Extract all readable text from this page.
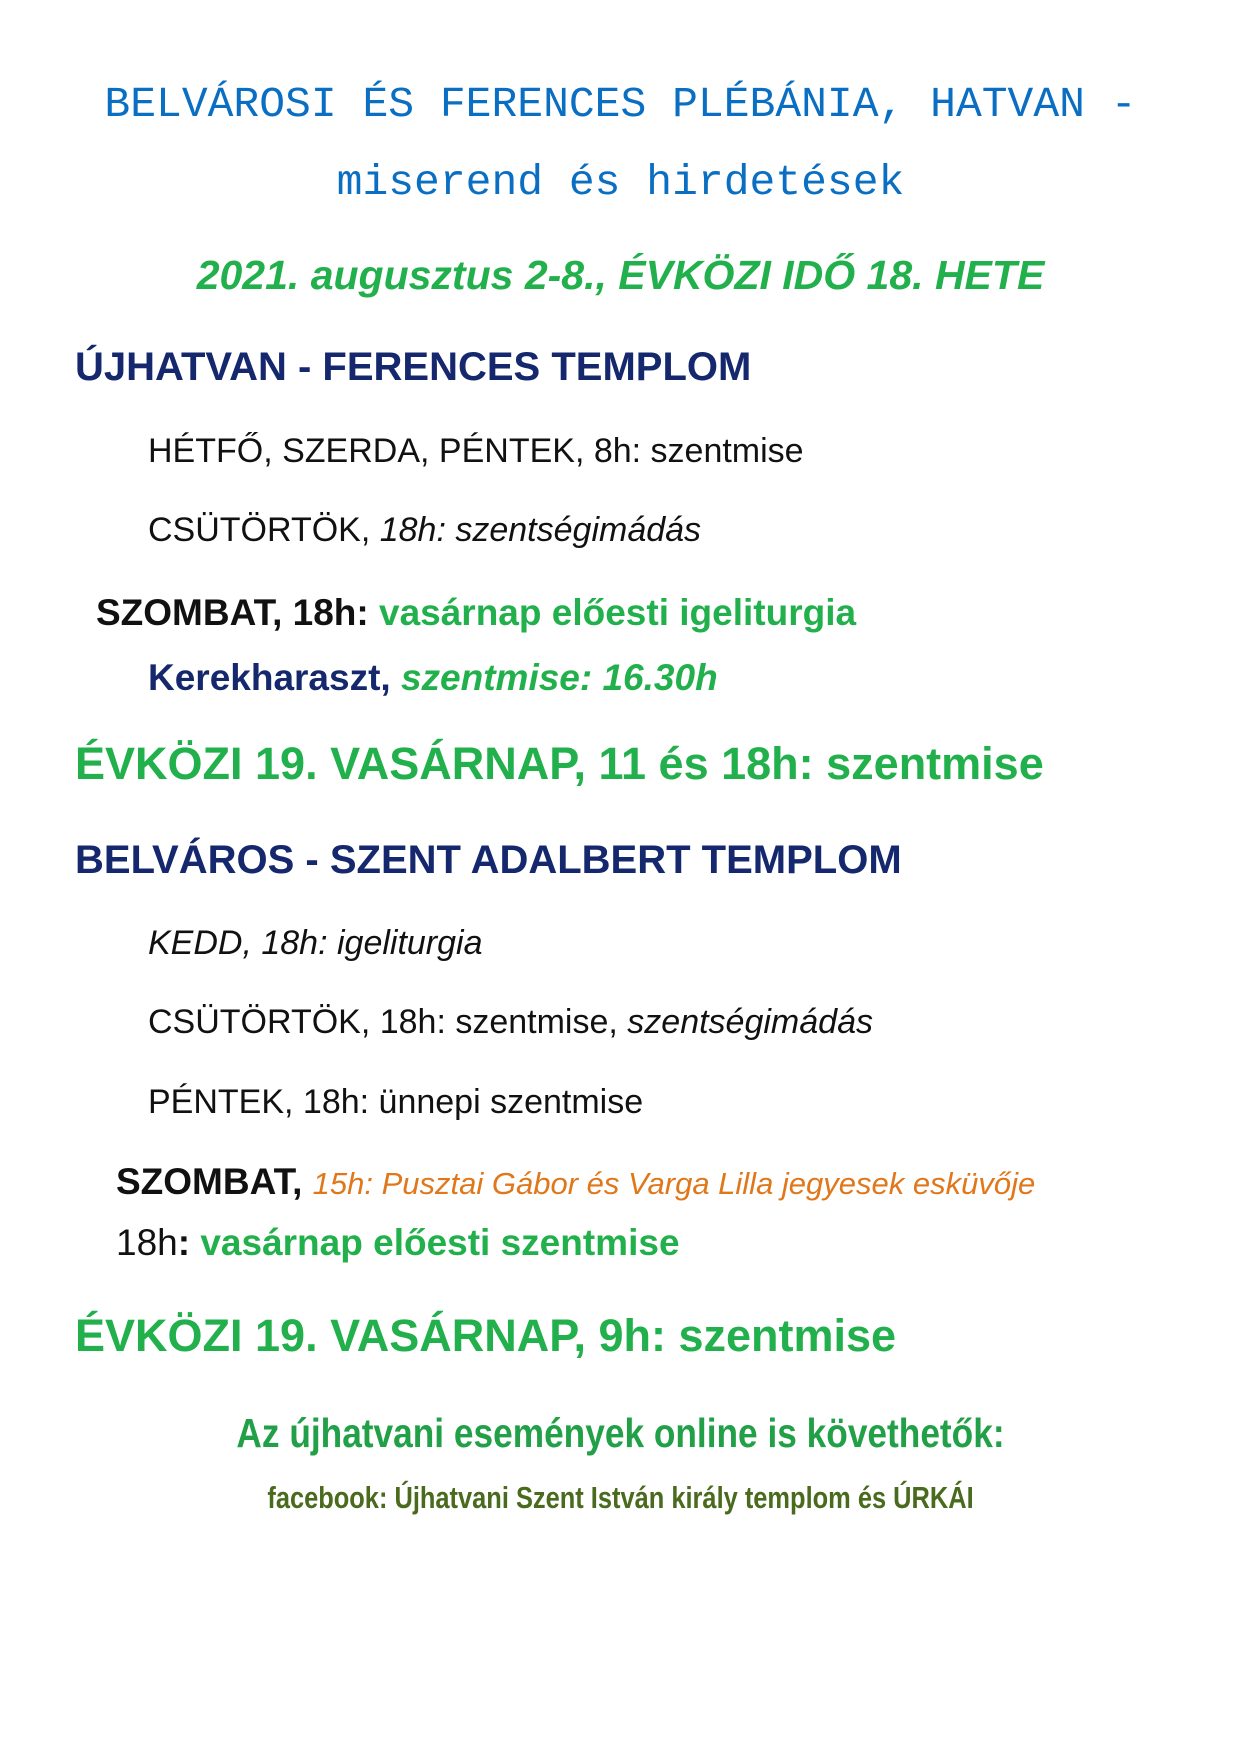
BELVÁROSI ÉS FERENCES PLÉBÁNIA, HATVAN -
miserend és hirdetések
2021. augusztus 2-8., ÉVKÖZI IDŐ 18. HETE
ÚJHATVAN - FERENCES TEMPLOM
HÉTFŐ, SZERDA, PÉNTEK, 8h: szentmise
CSÜTÖRTÖK, 18h: szentségimádás
SZOMBAT, 18h: vasárnap előesti igeliturgia
Kerekharaszt, szentmise: 16.30h
ÉVKÖZI 19. VASÁRNAP, 11 és 18h: szentmise
BELVÁROS - SZENT ADALBERT TEMPLOM
KEDD, 18h: igeliturgia
CSÜTÖRTÖK, 18h: szentmise, szentségimádás
PÉNTEK, 18h: ünnepi szentmise
SZOMBAT, 15h: Pusztai Gábor és Varga Lilla jegyesek esküvője
18h: vasárnap előesti szentmise
ÉVKÖZI 19. VASÁRNAP, 9h: szentmise
Az újhatvani események online is követhetők:
facebook: Újhatvani Szent István király templom és ÚRKÁI
